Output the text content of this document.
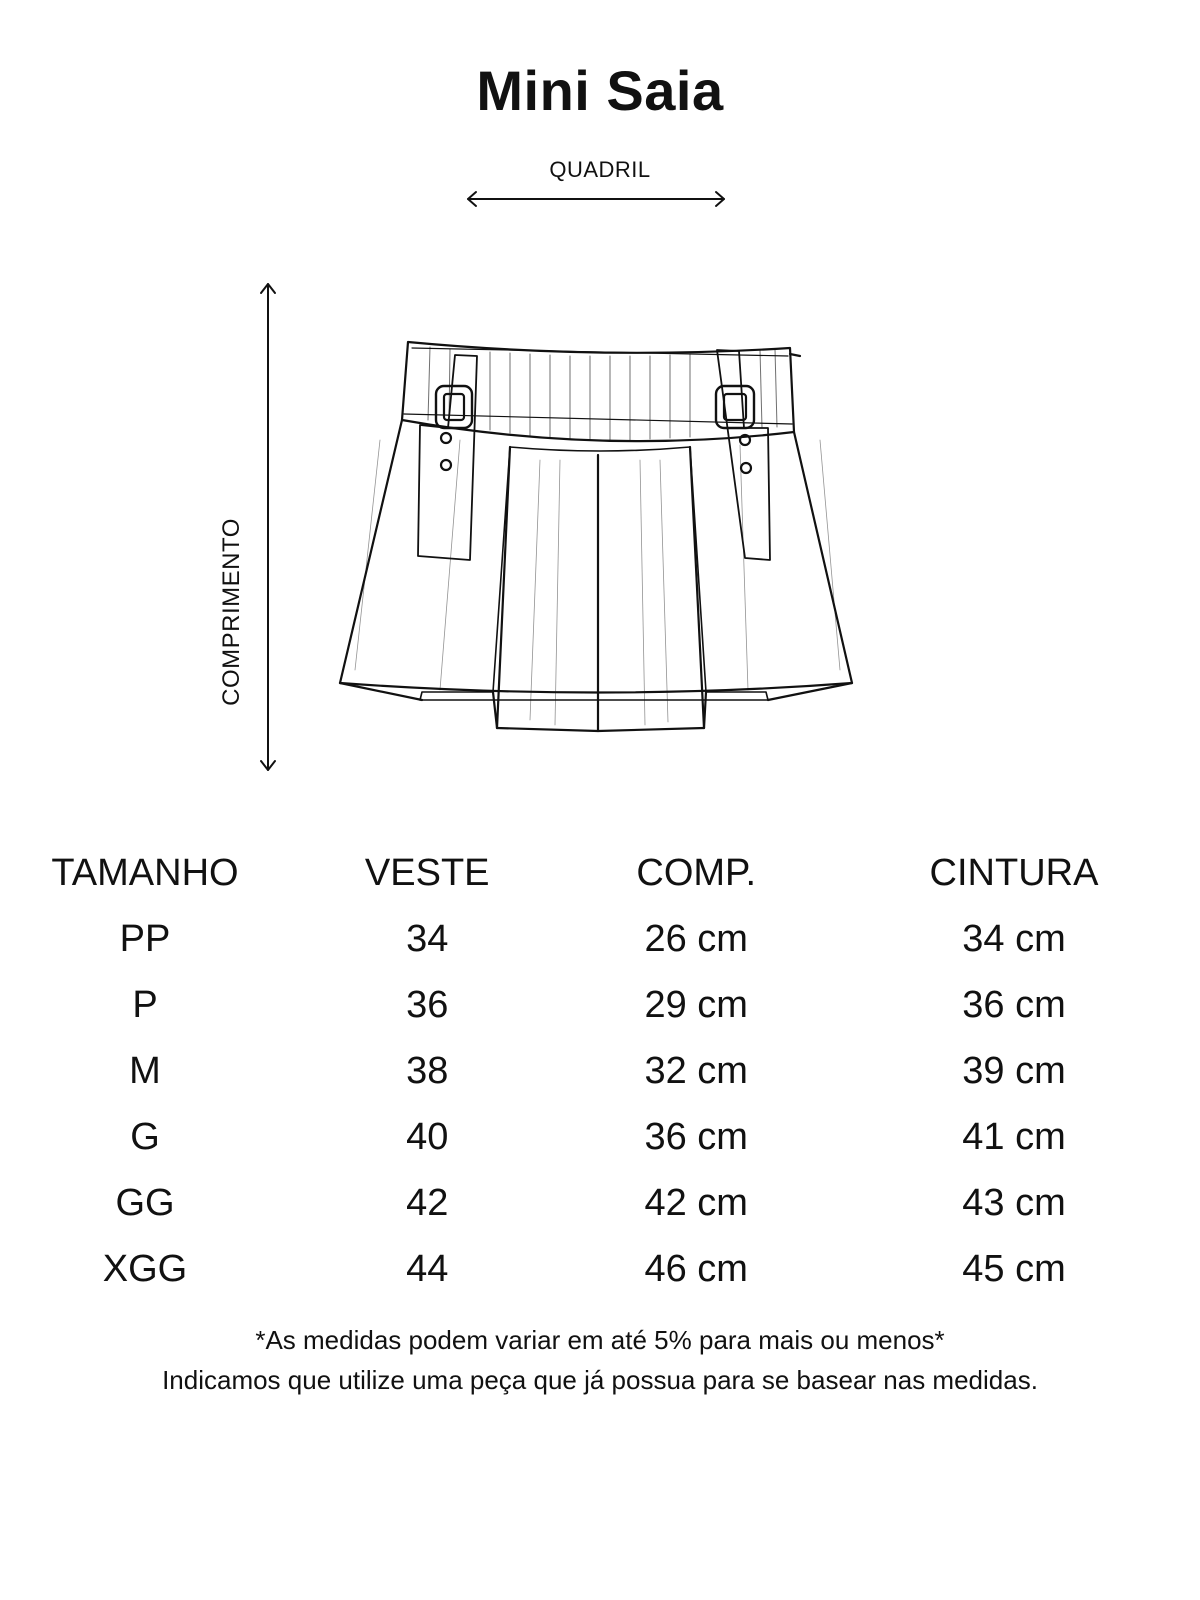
Mini Saia
QUADRIL
COMPRIMENTO
TAMANHO	VESTE	COMP.	CINTURA
PP	34	26 cm	34 cm
P	36	29 cm	36 cm
M	38	32 cm	39 cm
G	40	36 cm	41 cm
GG	42	42 cm	43 cm
XGG	44	46 cm	45 cm
*As medidas podem variar em até 5% para mais ou menos*
Indicamos que utilize uma peça que já possua para se basear nas medidas.
